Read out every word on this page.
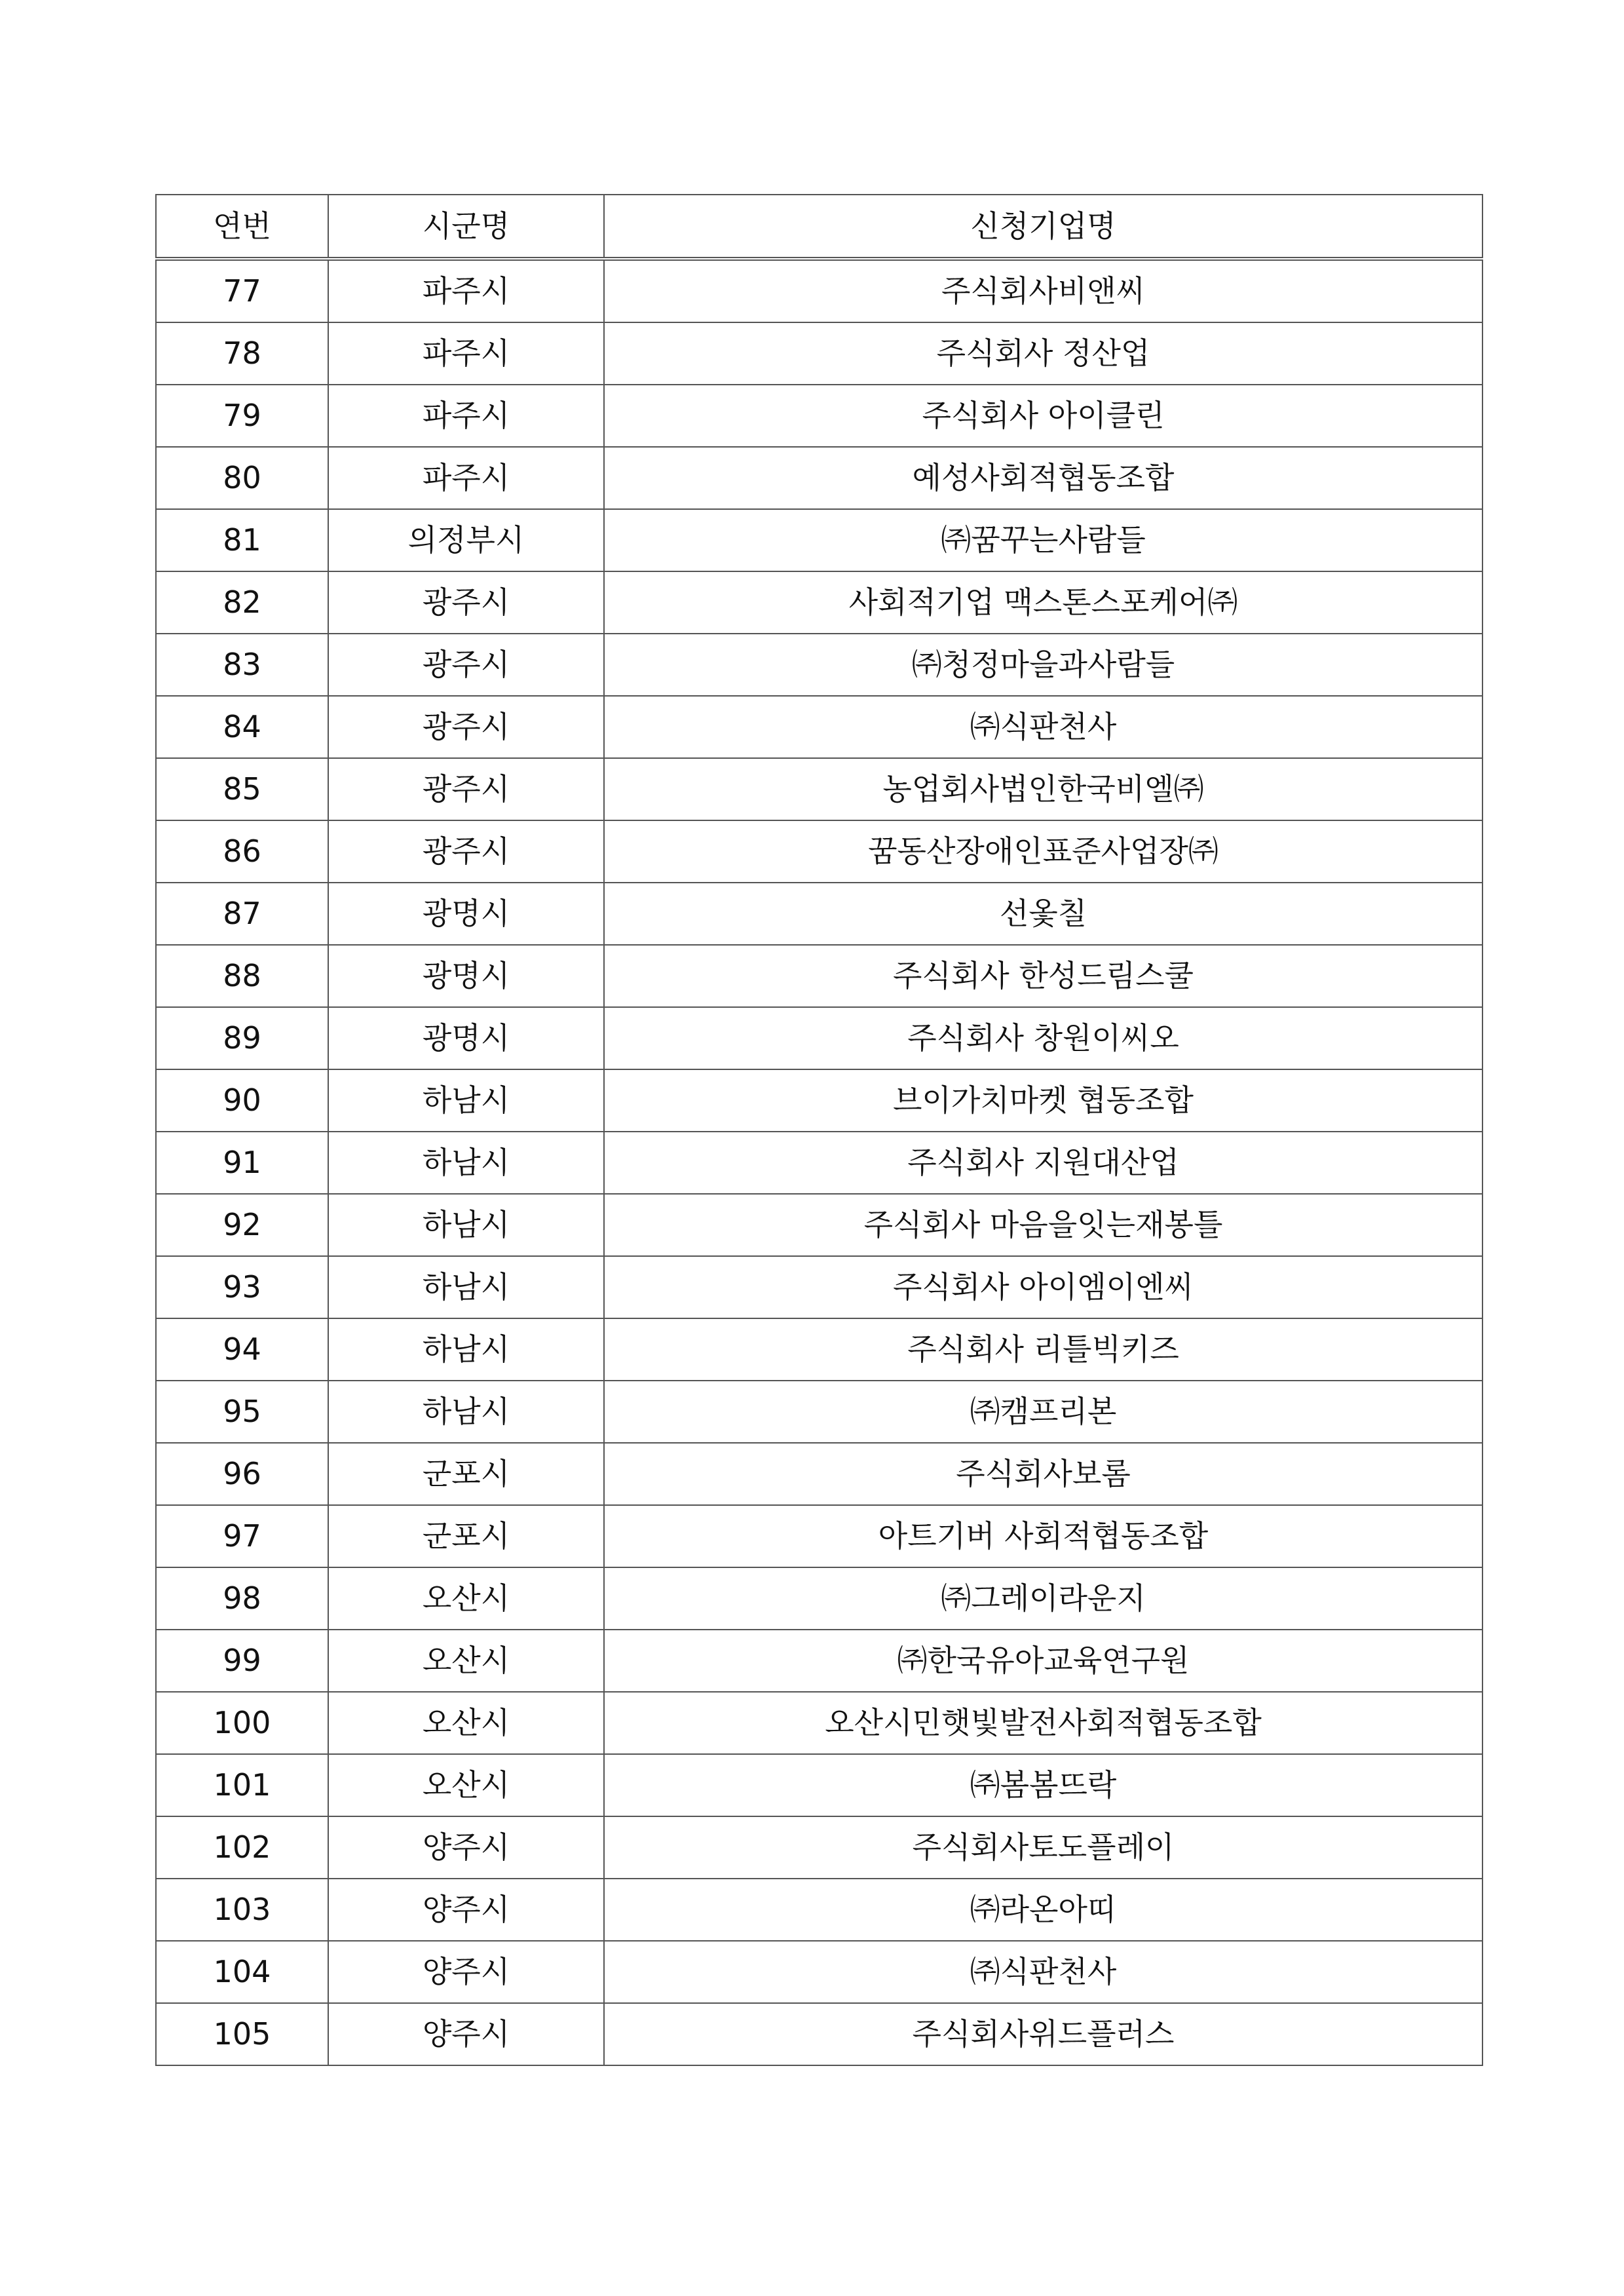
연번	시군명	신청기업명
77	파주시	주식회사비앤씨
78	파주시	주식회사 정산업
79	파주시	주식회사 아이클린
80	파주시	예성사회적협동조합
81	의정부시	㈜꿈꾸는사람들
82	광주시	사회적기업 맥스톤스포케어㈜
83	광주시	㈜청정마을과사람들
84	광주시	㈜식판천사
85	광주시	농업회사법인한국비엘㈜
86	광주시	꿈동산장애인표준사업장㈜
87	광명시	선옻칠
88	광명시	주식회사 한성드림스쿨
89	광명시	주식회사 창원이씨오
90	하남시	브이가치마켓 협동조합
91	하남시	주식회사 지원대산업
92	하남시	주식회사 마음을잇는재봉틀
93	하남시	주식회사 아이엠이엔씨
94	하남시	주식회사 리틀빅키즈
95	하남시	㈜캠프리본
96	군포시	주식회사보롬
97	군포시	아트기버 사회적협동조합
98	오산시	㈜그레이라운지
99	오산시	㈜한국유아교육연구원
100	오산시	오산시민햇빛발전사회적협동조합
101	오산시	㈜봄봄뜨락
102	양주시	주식회사토도플레이
103	양주시	㈜라온아띠
104	양주시	㈜식판천사
105	양주시	주식회사위드플러스
